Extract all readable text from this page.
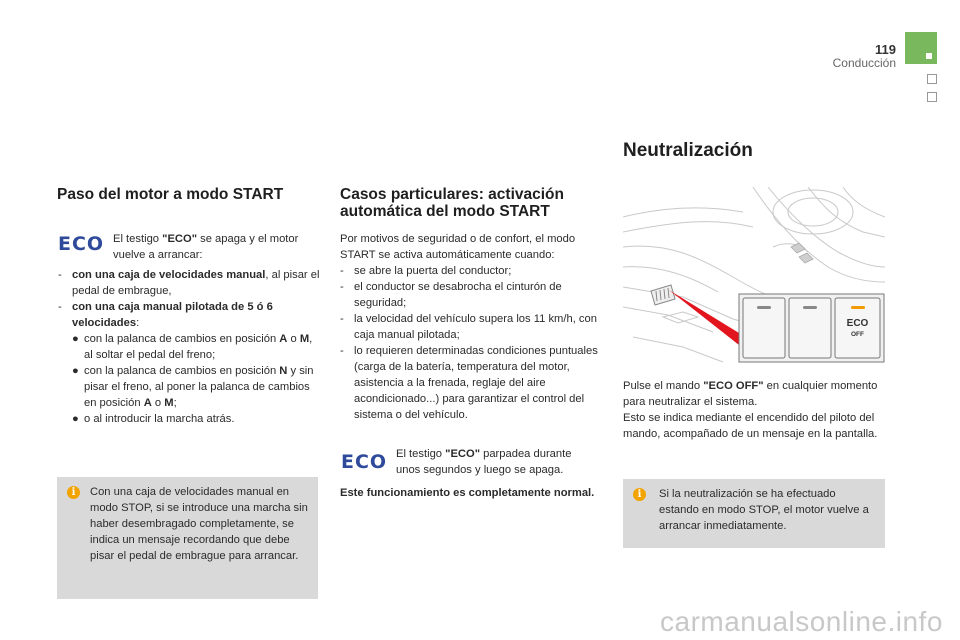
119
Conducción
Paso del motor a modo START
ECO El testigo "ECO" se apaga y el motor vuelve a arrancar:
- con una caja de velocidades manual, al pisar el pedal de embrague,
- con una caja manual pilotada de 5 ó 6 velocidades:
● con la palanca de cambios en posición A o M, al soltar el pedal del freno;
● con la palanca de cambios en posición N y sin pisar el freno, al poner la palanca de cambios en posición A o M;
● o al introducir la marcha atrás.
i	Con una caja de velocidades manual en modo STOP, si se introduce una marcha sin haber desembragado completamente, se indica un mensaje recordando que debe pisar el pedal de embrague para arrancar.
Casos particulares: activación automática del modo START
Por motivos de seguridad o de confort, el modo START se activa automáticamente cuando:
- se abre la puerta del conductor;
- el conductor se desabrocha el cinturón de seguridad;
- la velocidad del vehículo supera los 11 km/h, con caja manual pilotada;
- lo requieren determinadas condiciones puntuales (carga de la batería, temperatura del motor, asistencia a la frenada, reglaje del aire acondicionado...) para garantizar el control del sistema o del vehículo.
ECO El testigo "ECO" parpadea durante unos segundos y luego se apaga.
Este funcionamiento es completamente normal.
Neutralización
ECO
OFF
Pulse el mando "ECO OFF" en cualquier momento para neutralizar el sistema.
Esto se indica mediante el encendido del piloto del mando, acompañado de un mensaje en la pantalla.
i	Si la neutralización se ha efectuado estando en modo STOP, el motor vuelve a arrancar inmediatamente.
carmanualsonline.info
